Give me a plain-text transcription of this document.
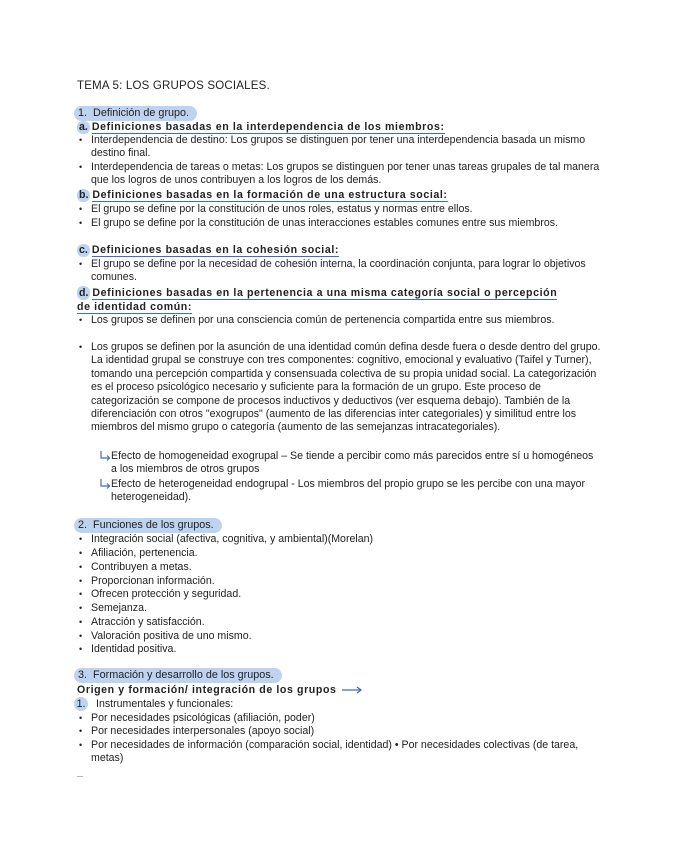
TEMA 5: LOS GRUPOS SOCIALES.
1. Definición de grupo.
a. Definiciones basadas en la interdependencia de los miembros:
• Interdependencia de destino: Los grupos se distinguen por tener una interdependencia basada un mismo destino final.
• Interdependencia de tareas o metas: Los grupos se distinguen por tener unas tareas grupales de tal manera que los logros de unos contribuyen a los logros de los demás.
b. Definiciones basadas en la formación de una estructura social:
• El grupo se define por la constitución de unos roles, estatus y normas entre ellos.
• El grupo se define por la constitución de unas interacciones estables comunes entre sus miembros.
c. Definiciones basadas en la cohesión social:
• El grupo se define por la necesidad de cohesión interna, la coordinación conjunta, para lograr lo objetivos comunes.
d. Definiciones basadas en la pertenencia a una misma categoría social o percepción de identidad común:
• Los grupos se definen por una consciencia común de pertenencia compartida entre sus miembros.
• Los grupos se definen por la asunción de una identidad común defina desde fuera o desde dentro del grupo. La identidad grupal se construye con tres componentes: cognitivo, emocional y evaluativo (Taifel y Turner), tomando una percepción compartida y consensuada colectiva de su propia unidad social. La categorización es el proceso psicológico necesario y suficiente para la formación de un grupo. Este proceso de categorización se compone de procesos inductivos y deductivos (ver esquema debajo). También de la diferenciación con otros "exogrupos" (aumento de las diferencias inter categoriales) y similitud entre los miembros del mismo grupo o categoría (aumento de las semejanzas intracategoriales).
Efecto de homogeneidad exogrupal – Se tiende a percibir como más parecidos entre sí u homogéneos a los miembros de otros grupos
Efecto de heterogeneidad endogrupal - Los miembros del propio grupo se les percibe con una mayor heterogeneidad).
2. Funciones de los grupos.
• Integración social (afectiva, cognitiva, y ambiental)(Morelan)
• Afiliación, pertenencia.
• Contribuyen a metas.
• Proporcionan información.
• Ofrecen protección y seguridad.
• Semejanza.
• Atracción y satisfacción.
• Valoración positiva de uno mismo.
• Identidad positiva.
3. Formación y desarrollo de los grupos.
Origen y formación/ integración de los grupos
1. Instrumentales y funcionales:
• Por necesidades psicológicas (afiliación, poder)
• Por necesidades interpersonales (apoyo social)
• Por necesidades de información (comparación social, identidad) • Por necesidades colectivas (de tarea, metas)
